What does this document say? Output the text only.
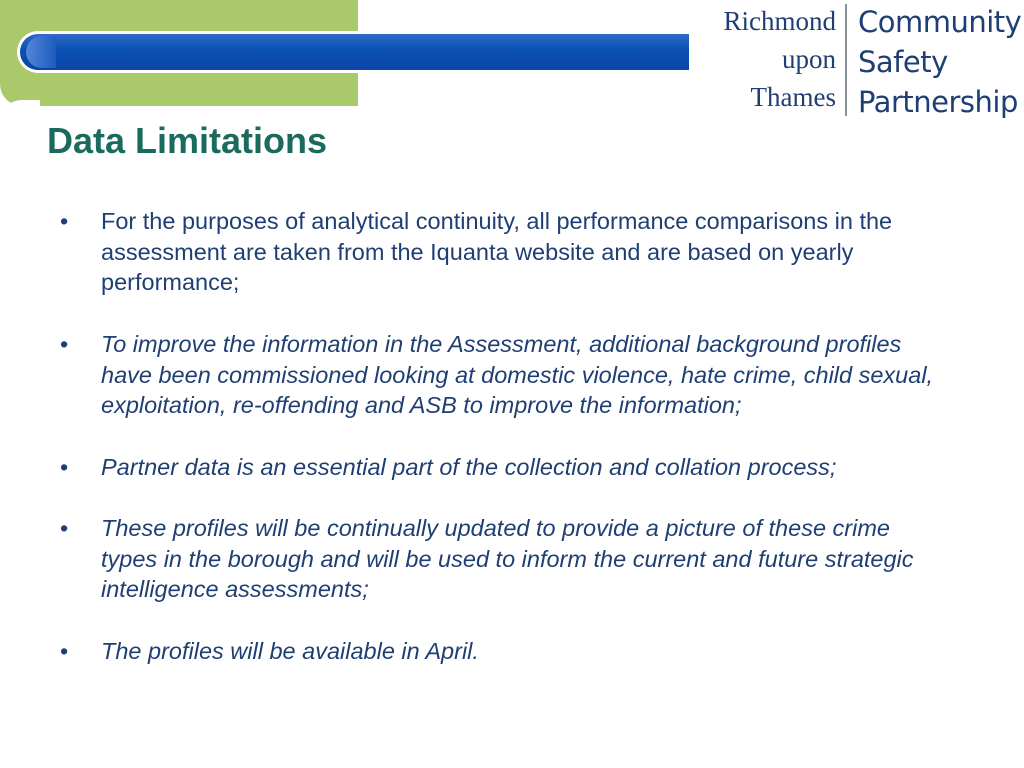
Richmond
upon
Thames
Community
Safety
Partnership
Data Limitations
• For the purposes of analytical continuity, all performance comparisons in the assessment are taken from the Iquanta website and are based on yearly performance;
• To improve the information in the Assessment, additional background profiles have been commissioned looking at domestic violence, hate crime, child sexual, exploitation, re-offending and ASB to improve the information;
• Partner data is an essential part of the collection and collation process;
• These profiles will be continually updated to provide a picture of these crime types in the borough and will be used to inform the current and future strategic intelligence assessments;
• The profiles will be available in April.
